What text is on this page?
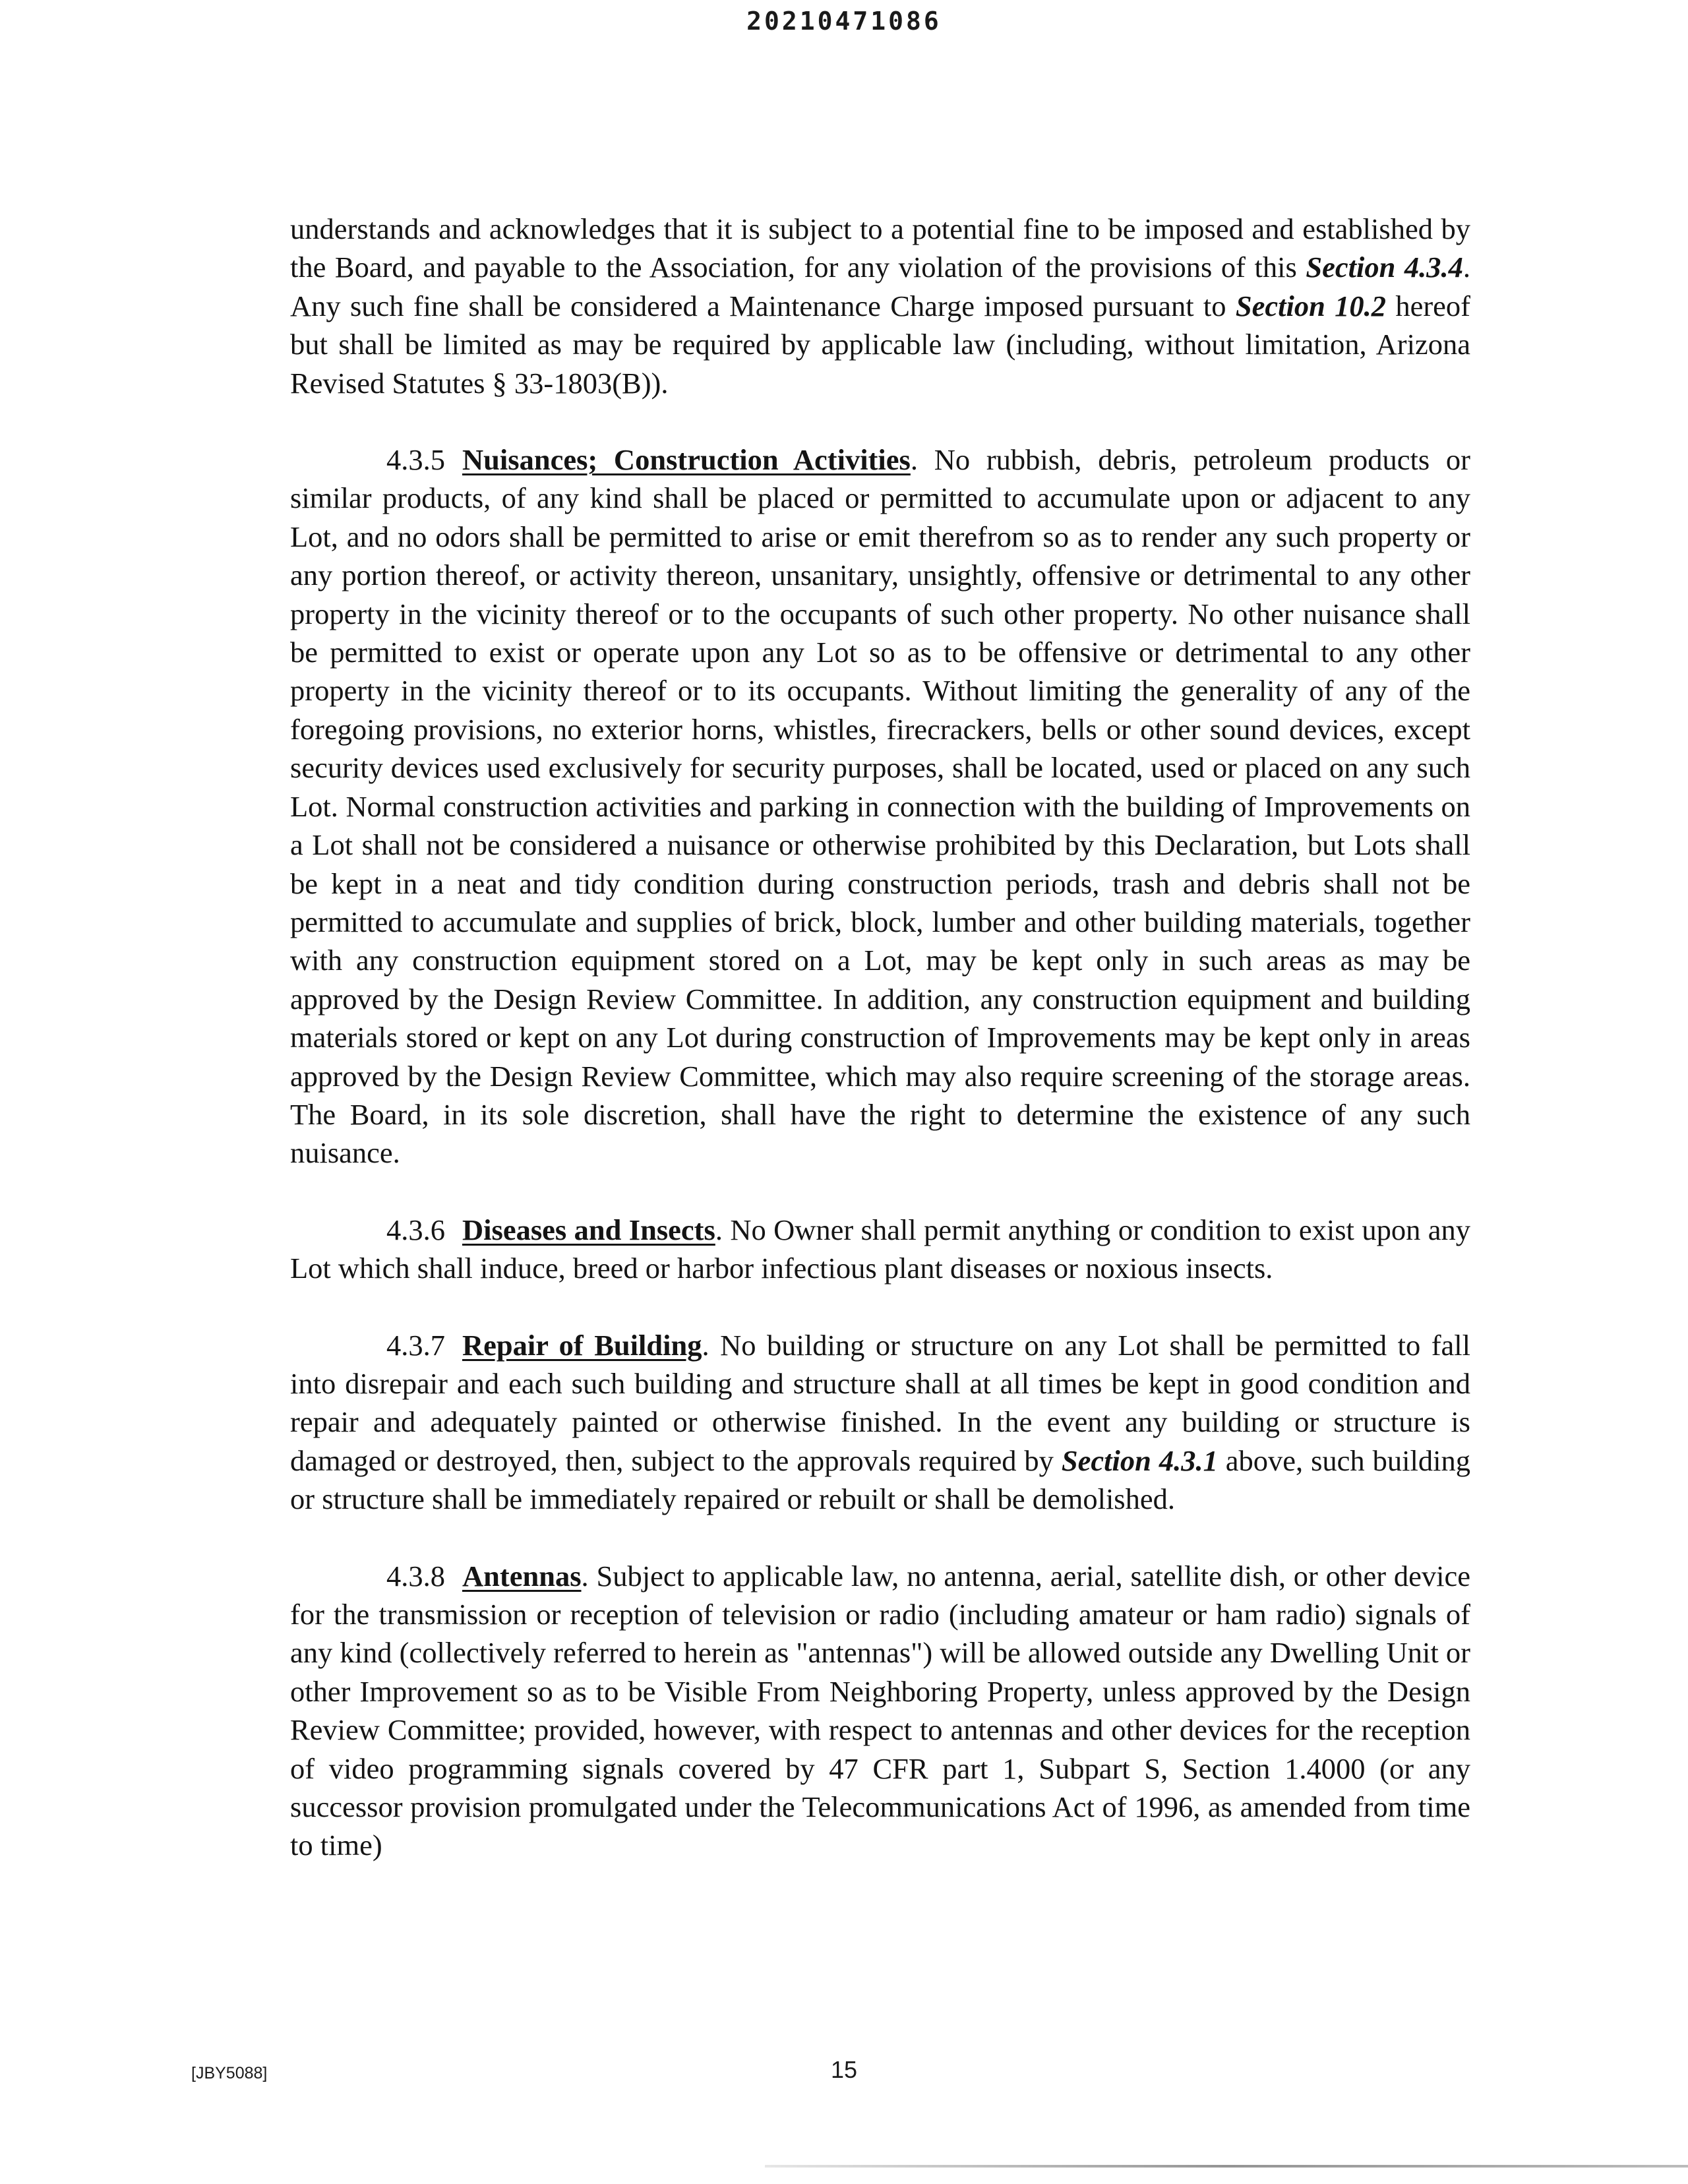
20210471086

understands and acknowledges that it is subject to a potential fine to be imposed and established by the Board, and payable to the Association, for any violation of the provisions of this Section 4.3.4. Any such fine shall be considered a Maintenance Charge imposed pursuant to Section 10.2 hereof but shall be limited as may be required by applicable law (including, without limitation, Arizona Revised Statutes § 33-1803(B)).

4.3.5 Nuisances; Construction Activities. No rubbish, debris, petroleum products or similar products, of any kind shall be placed or permitted to accumulate upon or adjacent to any Lot, and no odors shall be permitted to arise or emit therefrom so as to render any such property or any portion thereof, or activity thereon, unsanitary, unsightly, offensive or detrimental to any other property in the vicinity thereof or to the occupants of such other property. No other nuisance shall be permitted to exist or operate upon any Lot so as to be offensive or detrimental to any other property in the vicinity thereof or to its occupants. Without limiting the generality of any of the foregoing provisions, no exterior horns, whistles, firecrackers, bells or other sound devices, except security devices used exclusively for security purposes, shall be located, used or placed on any such Lot. Normal construction activities and parking in connection with the building of Improvements on a Lot shall not be considered a nuisance or otherwise prohibited by this Declaration, but Lots shall be kept in a neat and tidy condition during construction periods, trash and debris shall not be permitted to accumulate and supplies of brick, block, lumber and other building materials, together with any construction equipment stored on a Lot, may be kept only in such areas as may be approved by the Design Review Committee. In addition, any construction equipment and building materials stored or kept on any Lot during construction of Improvements may be kept only in areas approved by the Design Review Committee, which may also require screening of the storage areas. The Board, in its sole discretion, shall have the right to determine the existence of any such nuisance.

4.3.6 Diseases and Insects. No Owner shall permit anything or condition to exist upon any Lot which shall induce, breed or harbor infectious plant diseases or noxious insects.

4.3.7 Repair of Building. No building or structure on any Lot shall be permitted to fall into disrepair and each such building and structure shall at all times be kept in good condition and repair and adequately painted or otherwise finished. In the event any building or structure is damaged or destroyed, then, subject to the approvals required by Section 4.3.1 above, such building or structure shall be immediately repaired or rebuilt or shall be demolished.

4.3.8 Antennas. Subject to applicable law, no antenna, aerial, satellite dish, or other device for the transmission or reception of television or radio (including amateur or ham radio) signals of any kind (collectively referred to herein as "antennas") will be allowed outside any Dwelling Unit or other Improvement so as to be Visible From Neighboring Property, unless approved by the Design Review Committee; provided, however, with respect to antennas and other devices for the reception of video programming signals covered by 47 CFR part 1, Subpart S, Section 1.4000 (or any successor provision promulgated under the Telecommunications Act of 1996, as amended from time to time)

[JBY5088]	15
